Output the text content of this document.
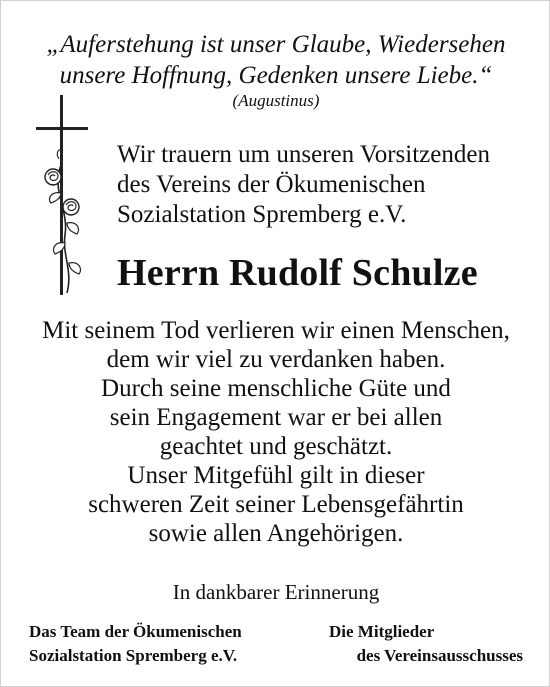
„Auferstehung ist unser Glaube, Wiedersehen
unsere Hoffnung, Gedenken unsere Liebe.“
(Augustinus)
Wir trauern um unseren Vorsitzenden
des Vereins der Ökumenischen
Sozialstation Spremberg e.V.
Herrn Rudolf Schulze
Mit seinem Tod verlieren wir einen Menschen,
dem wir viel zu verdanken haben.
Durch seine menschliche Güte und
sein Engagement war er bei allen
geachtet und geschätzt.
Unser Mitgefühl gilt in dieser
schweren Zeit seiner Lebensgefährtin
sowie allen Angehörigen.
In dankbarer Erinnerung
Das Team der Ökumenischen
Sozialstation Spremberg e.V.
Die Mitglieder
des Vereinsausschusses
